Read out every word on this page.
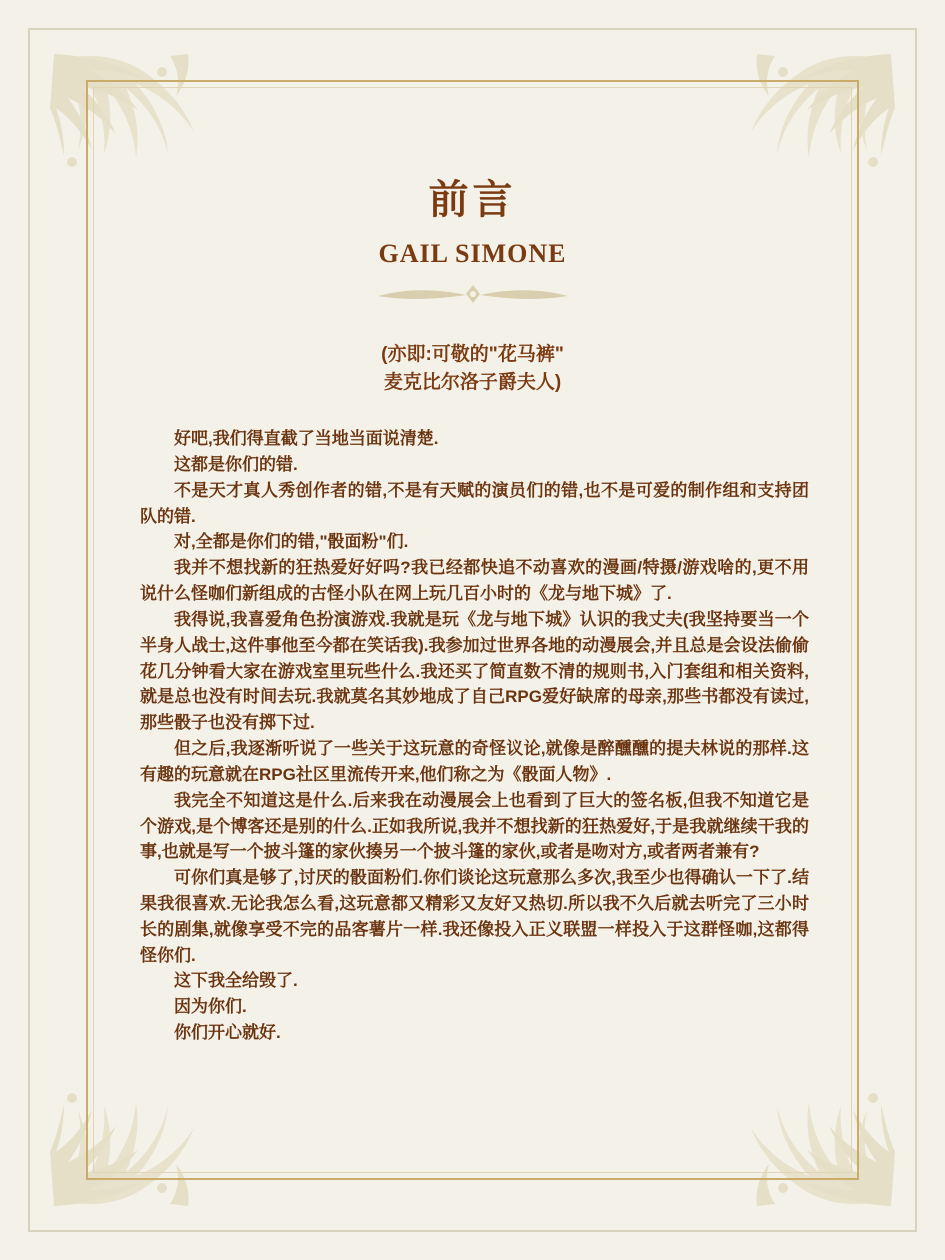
前言
GAIL SIMONE
(亦即:可敬的"花马裤"
麦克比尔洛子爵夫人)

好吧,我们得直截了当地当面说清楚.

这都是你们的错.

不是天才真人秀创作者的错,不是有天赋的演员们的错,也不是可爱的制作组和支持团队的错.

对,全都是你们的错,"骰面粉"们.

我并不想找新的狂热爱好好吗?我已经都快追不动喜欢的漫画/特摄/游戏啥的,更不用说什么怪咖们新组成的古怪小队在网上玩几百小时的《龙与地下城》了.

我得说,我喜爱角色扮演游戏.我就是玩《龙与地下城》认识的我丈夫(我坚持要当一个半身人战士,这件事他至今都在笑话我).我参加过世界各地的动漫展会,并且总是会设法偷偷花几分钟看大家在游戏室里玩些什么.我还买了简直数不清的规则书,入门套组和相关资料,就是总也没有时间去玩.我就莫名其妙地成了自己RPG爱好缺席的母亲,那些书都没有读过,那些骰子也没有掷下过.

但之后,我逐渐听说了一些关于这玩意的奇怪议论,就像是醉醺醺的提夫林说的那样.这有趣的玩意就在RPG社区里流传开来,他们称之为《骰面人物》.

我完全不知道这是什么.后来我在动漫展会上也看到了巨大的签名板,但我不知道它是个游戏,是个博客还是别的什么.正如我所说,我并不想找新的狂热爱好,于是我就继续干我的事,也就是写一个披斗篷的家伙揍另一个披斗篷的家伙,或者是吻对方,或者两者兼有?

可你们真是够了,讨厌的骰面粉们.你们谈论这玩意那么多次,我至少也得确认一下了.结果我很喜欢.无论我怎么看,这玩意都又精彩又友好又热切.所以我不久后就去听完了三小时长的剧集,就像享受不完的品客薯片一样.我还像投入正义联盟一样投入于这群怪咖,这都得怪你们.

这下我全给毁了.

因为你们.

你们开心就好.
